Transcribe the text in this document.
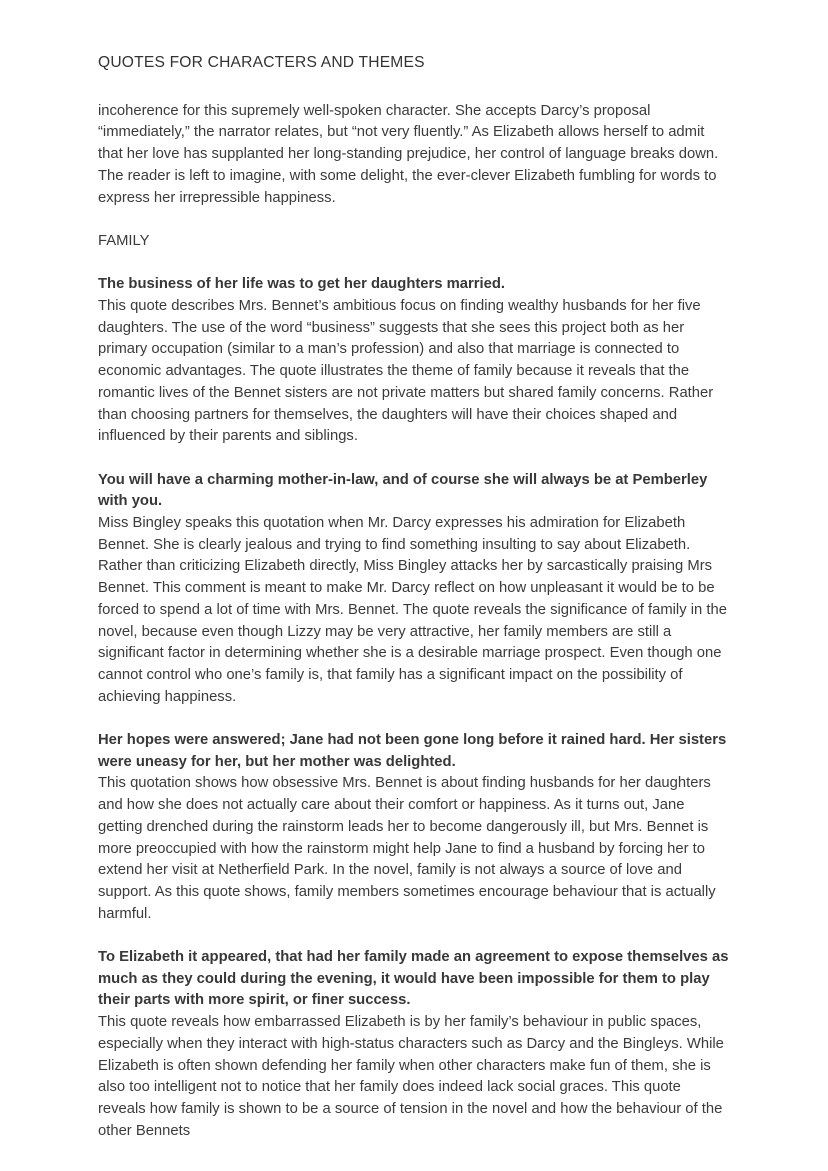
QUOTES FOR CHARACTERS AND THEMES

incoherence for this supremely well-spoken character. She accepts Darcy’s proposal “immediately,” the narrator relates, but “not very fluently.” As Elizabeth allows herself to admit that her love has supplanted her long-standing prejudice, her control of language breaks down. The reader is left to imagine, with some delight, the ever-clever Elizabeth fumbling for words to express her irrepressible happiness.

FAMILY

The business of her life was to get her daughters married.

This quote describes Mrs. Bennet’s ambitious focus on finding wealthy husbands for her five daughters. The use of the word “business” suggests that she sees this project both as her primary occupation (similar to a man’s profession) and also that marriage is connected to economic advantages. The quote illustrates the theme of family because it reveals that the romantic lives of the Bennet sisters are not private matters but shared family concerns. Rather than choosing partners for themselves, the daughters will have their choices shaped and influenced by their parents and siblings.

You will have a charming mother-in-law, and of course she will always be at Pemberley with you.

Miss Bingley speaks this quotation when Mr. Darcy expresses his admiration for Elizabeth Bennet. She is clearly jealous and trying to find something insulting to say about Elizabeth. Rather than criticizing Elizabeth directly, Miss Bingley attacks her by sarcastically praising Mrs Bennet. This comment is meant to make Mr. Darcy reflect on how unpleasant it would be to be forced to spend a lot of time with Mrs. Bennet. The quote reveals the significance of family in the novel, because even though Lizzy may be very attractive, her family members are still a significant factor in determining whether she is a desirable marriage prospect. Even though one cannot control who one’s family is, that family has a significant impact on the possibility of achieving happiness.

Her hopes were answered; Jane had not been gone long before it rained hard. Her sisters were uneasy for her, but her mother was delighted.

This quotation shows how obsessive Mrs. Bennet is about finding husbands for her daughters and how she does not actually care about their comfort or happiness. As it turns out, Jane getting drenched during the rainstorm leads her to become dangerously ill, but Mrs. Bennet is more preoccupied with how the rainstorm might help Jane to find a husband by forcing her to extend her visit at Netherfield Park. In the novel, family is not always a source of love and support. As this quote shows, family members sometimes encourage behaviour that is actually harmful.

To Elizabeth it appeared, that had her family made an agreement to expose themselves as much as they could during the evening, it would have been impossible for them to play their parts with more spirit, or finer success.

This quote reveals how embarrassed Elizabeth is by her family’s behaviour in public spaces, especially when they interact with high-status characters such as Darcy and the Bingleys. While Elizabeth is often shown defending her family when other characters make fun of them, she is also too intelligent not to notice that her family does indeed lack social graces. This quote reveals how family is shown to be a source of tension in the novel and how the behaviour of the other Bennets
